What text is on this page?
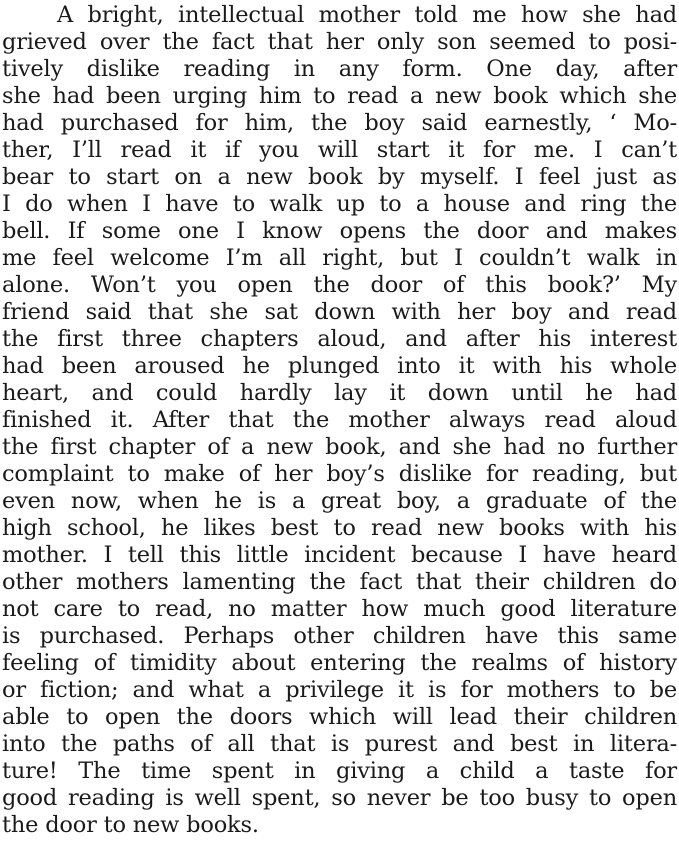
A bright, intellectual mother told me how she had
grieved over the fact that her only son seemed to posi-
tively dislike reading in any form. One day, after
she had been urging him to read a new book which she
had purchased for him, the boy said earnestly, ‘ Mo-
ther, I’ll read it if you will start it for me. I can’t
bear to start on a new book by myself. I feel just as
I do when I have to walk up to a house and ring the
bell. If some one I know opens the door and makes
me feel welcome I’m all right, but I couldn’t walk in
alone. Won’t you open the door of this book?’ My
friend said that she sat down with her boy and read
the first three chapters aloud, and after his interest
had been aroused he plunged into it with his whole
heart, and could hardly lay it down until he had
finished it. After that the mother always read aloud
the first chapter of a new book, and she had no further
complaint to make of her boy’s dislike for reading, but
even now, when he is a great boy, a graduate of the
high school, he likes best to read new books with his
mother. I tell this little incident because I have heard
other mothers lamenting the fact that their children do
not care to read, no matter how much good literature
is purchased. Perhaps other children have this same
feeling of timidity about entering the realms of history
or fiction; and what a privilege it is for mothers to be
able to open the doors which will lead their children
into the paths of all that is purest and best in litera-
ture! The time spent in giving a child a taste for
good reading is well spent, so never be too busy to open
the door to new books.
